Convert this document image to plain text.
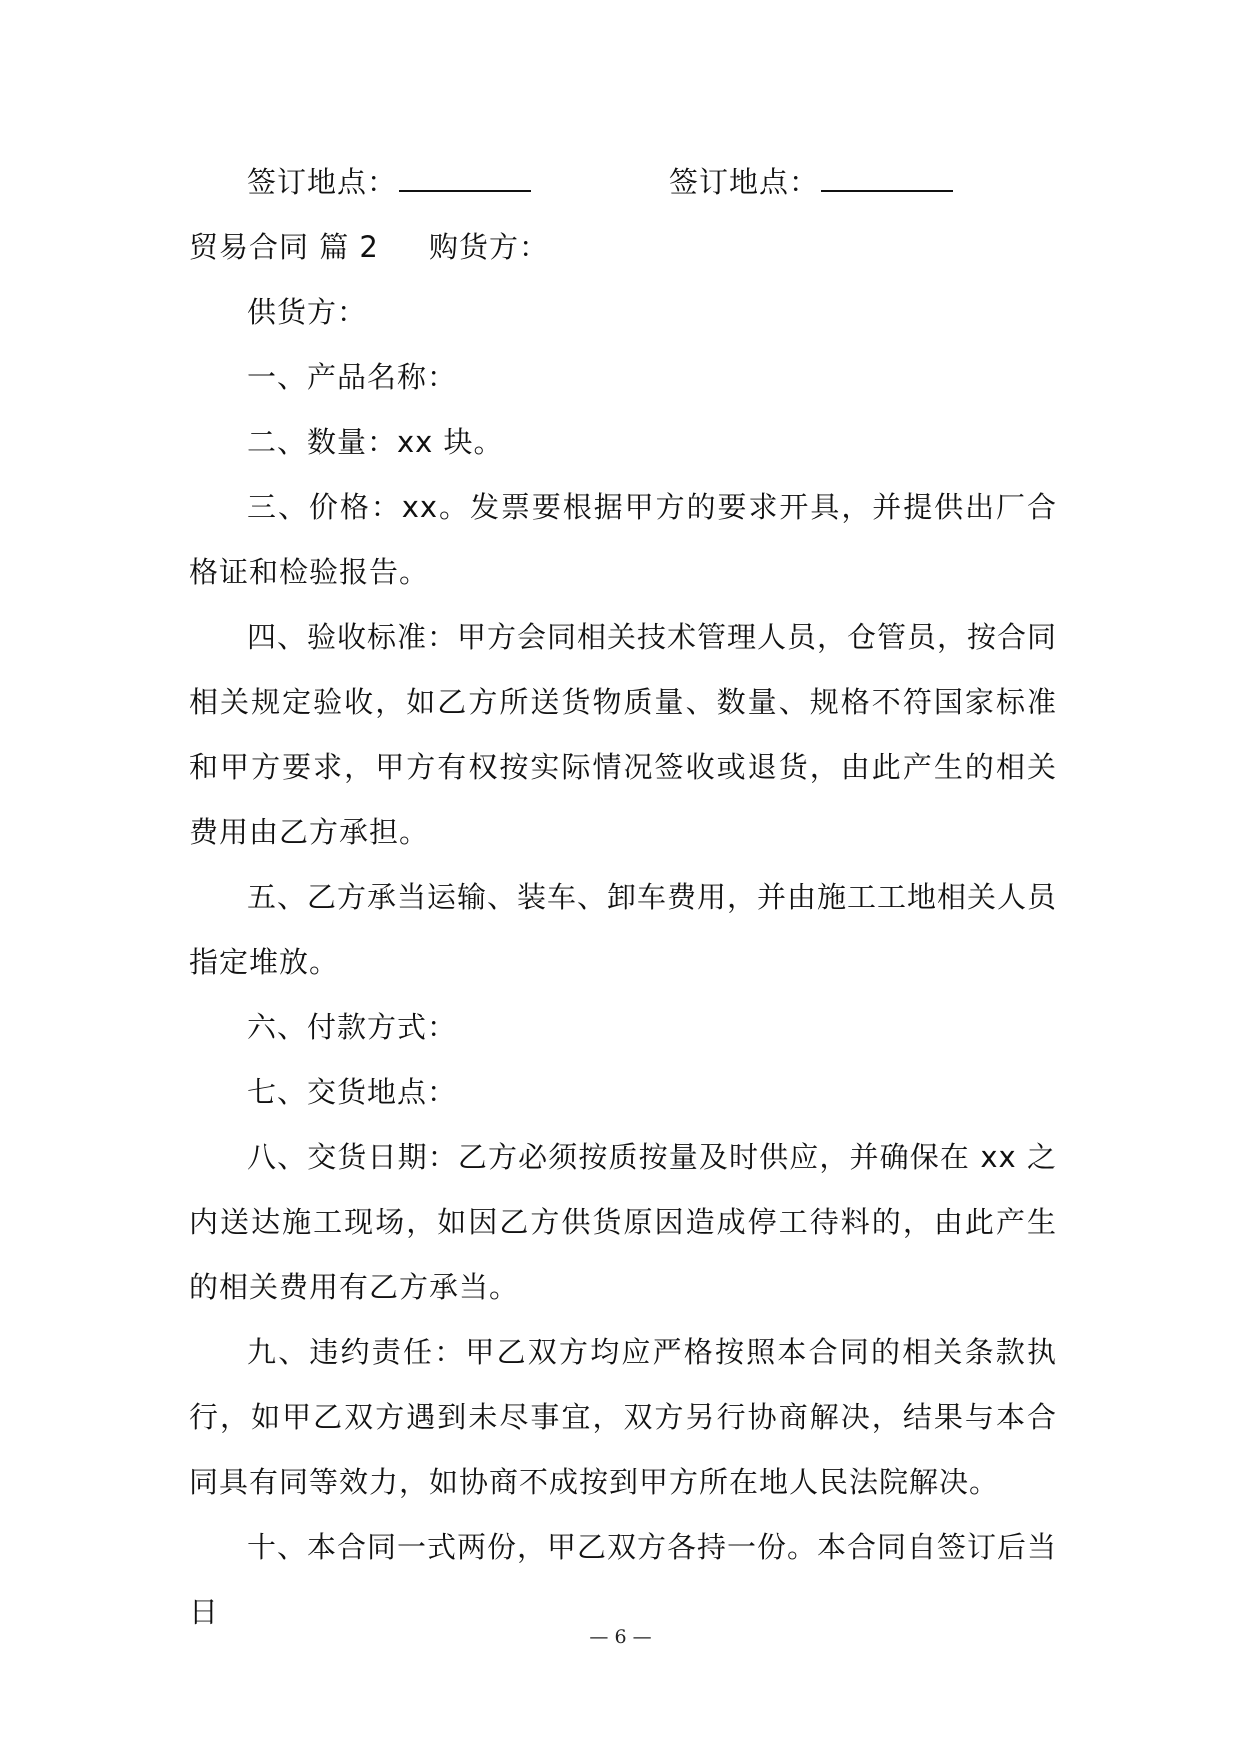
签订地点：	签订地点：
贸易合同 篇 2 购货方：

供货方：

一、产品名称：

二、数量：xx 块。

三、价格：xx。发票要根据甲方的要求开具，并提供出厂合格证和检验报告。

四、验收标准：甲方会同相关技术管理人员，仓管员，按合同相关规定验收，如乙方所送货物质量、数量、规格不符国家标准和甲方要求，甲方有权按实际情况签收或退货，由此产生的相关费用由乙方承担。

五、乙方承当运输、装车、卸车费用，并由施工工地相关人员指定堆放。

六、付款方式：

七、交货地点：

八、交货日期：乙方必须按质按量及时供应，并确保在 xx 之内送达施工现场，如因乙方供货原因造成停工待料的，由此产生的相关费用有乙方承当。

九、违约责任：甲乙双方均应严格按照本合同的相关条款执行，如甲乙双方遇到未尽事宜，双方另行协商解决，结果与本合同具有同等效力，如协商不成按到甲方所在地人民法院解决。

十、本合同一式两份，甲乙双方各持一份。本合同自签订后当日

— 6 —
